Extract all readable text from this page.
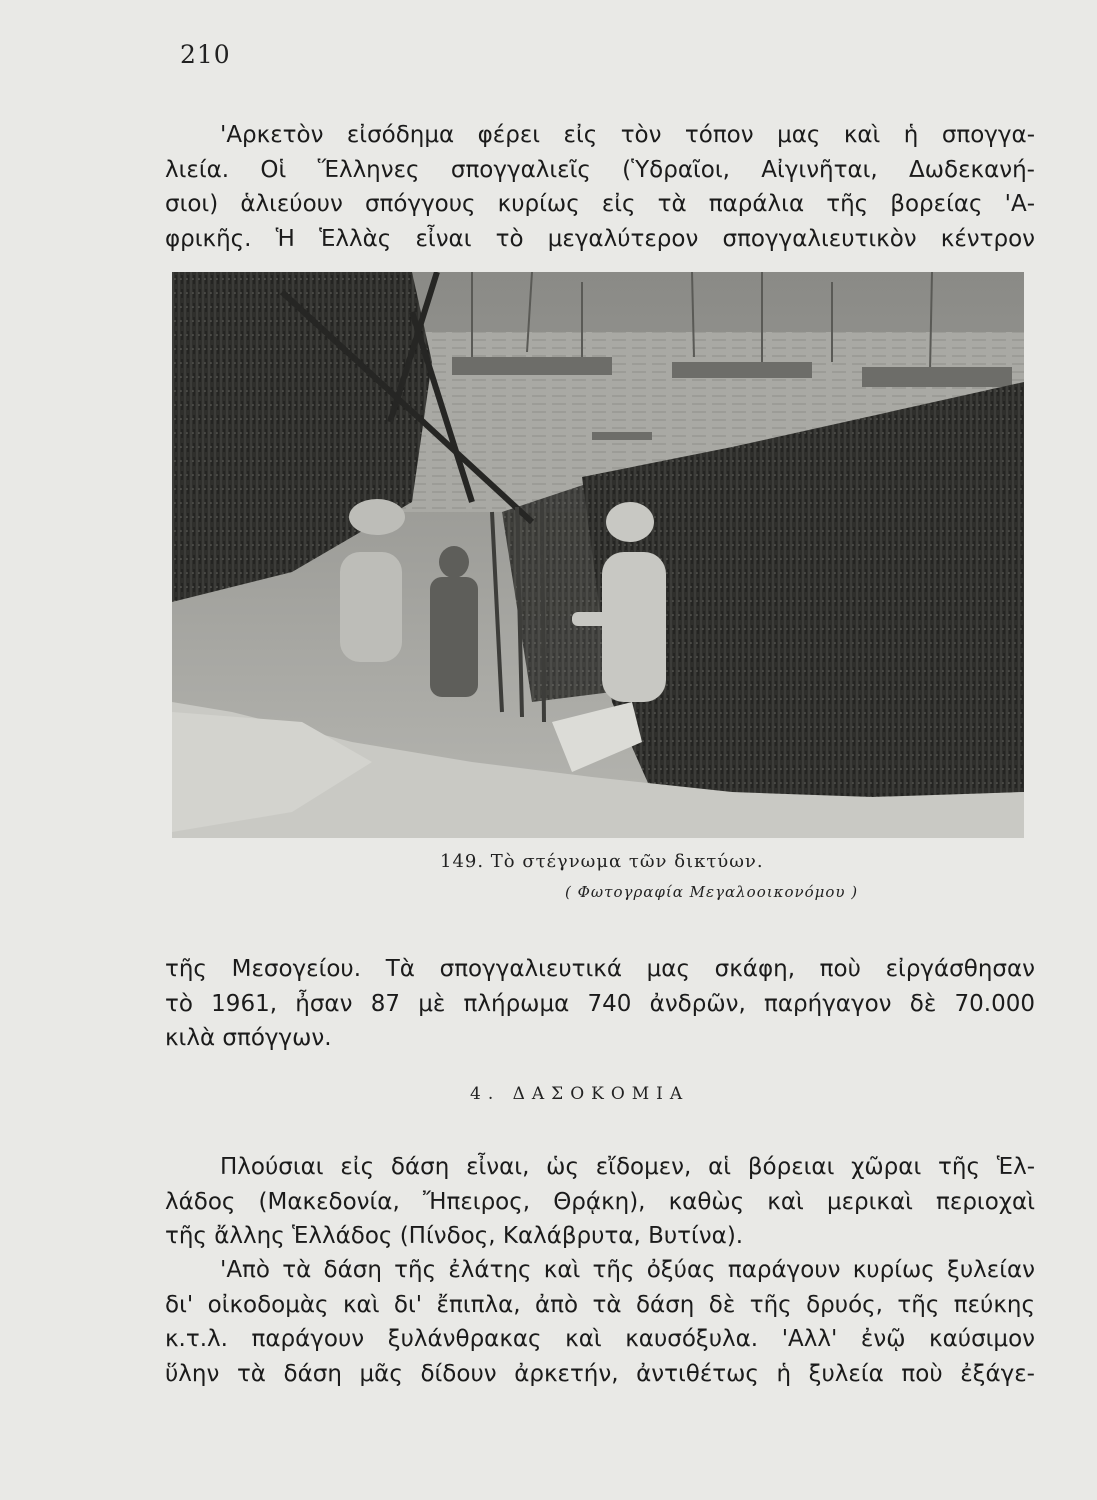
210
'Αρκετὸν εἰσόδημα φέρει εἰς τὸν τόπον μας καὶ ἡ σπογγα-
λιεία. Οἱ Ἕλληνες σπογγαλιεῖς (Ὑδραῖοι, Αἰγινῆται, Δωδεκανή-
σιοι) ἁλιεύουν σπόγγους κυρίως εἰς τὰ παράλια τῆς βορείας 'Α-
φρικῆς. Ἡ Ἑλλὰς εἶναι τὸ μεγαλύτερον σπογγαλιευτικὸν κέντρον
149. Τὸ στέγνωμα τῶν δικτύων.
( Φωτογραφία Μεγαλοοικονόμου )
τῆς Μεσογείου. Τὰ σπογγαλιευτικά μας σκάφη, ποὺ εἰργάσθησαν
τὸ 1961, ἦσαν 87 μὲ πλήρωμα 740 ἀνδρῶν, παρήγαγον δὲ 70.000
κιλὰ σπόγγων.
4. ΔΑΣΟΚΟΜΙΑ
Πλούσιαι εἰς δάση εἶναι, ὡς εἴδομεν, αἱ βόρειαι χῶραι τῆς Ἑλ-
λάδος (Μακεδονία, Ἤπειρος, Θρᾴκη), καθὼς καὶ μερικαὶ περιοχαὶ
τῆς ἄλλης Ἑλλάδος (Πίνδος, Καλάβρυτα, Βυτίνα).
'Απὸ τὰ δάση τῆς ἐλάτης καὶ τῆς ὀξύας παράγουν κυρίως ξυλείαν
δι' οἰκοδομὰς καὶ δι' ἔπιπλα, ἀπὸ τὰ δάση δὲ τῆς δρυός, τῆς πεύκης
κ.τ.λ. παράγουν ξυλάνθρακας καὶ καυσόξυλα. 'Αλλ' ἐνῷ καύσιμον
ὕλην τὰ δάση μᾶς δίδουν ἀρκετήν, ἀντιθέτως ἡ ξυλεία ποὺ ἐξάγε-
